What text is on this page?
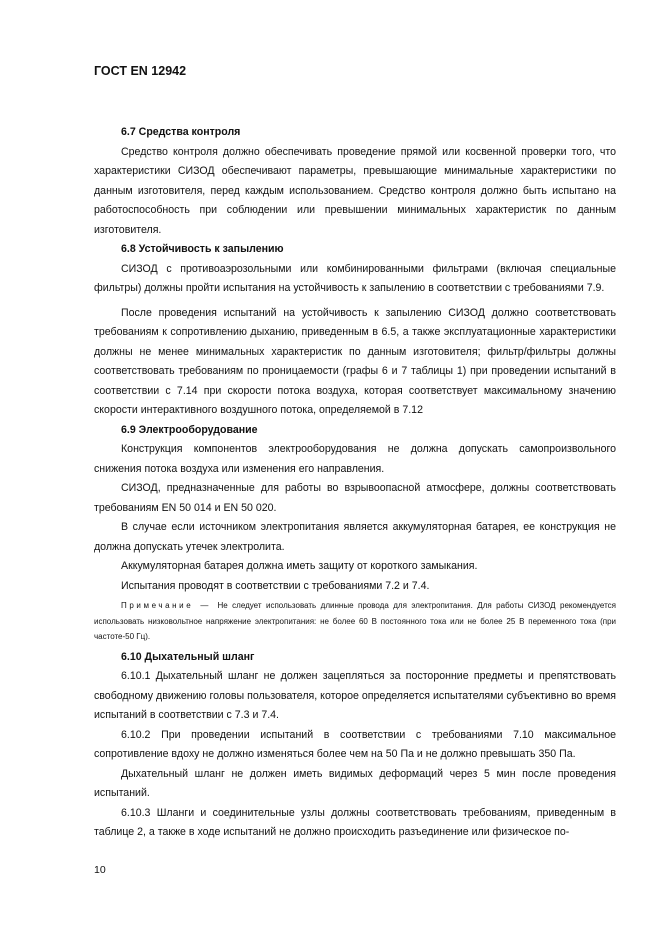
ГОСТ EN 12942
6.7 Средства контроля

Средство контроля должно обеспечивать проведение прямой или косвенной проверки того, что характеристики СИЗОД обеспечивают параметры, превышающие минимальные характеристики по данным изготовителя, перед каждым использованием. Средство контроля должно быть испытано на работоспособность при соблюдении или превышении минимальных характеристик по данным изготовителя.

6.8 Устойчивость к запылению

СИЗОД с противоаэрозольными или комбинированными фильтрами (включая специальные фильтры) должны пройти испытания на устойчивость к запылению в соответствии с требованиями 7.9.

После проведения испытаний на устойчивость к запылению СИЗОД должно соответствовать требованиям к сопротивлению дыханию, приведенным в 6.5, а также эксплуатационные характеристики должны не менее минимальных характеристик по данным изготовителя; фильтр/фильтры должны соответствовать требованиям по проницаемости (графы 6 и 7 таблицы 1) при проведении испытаний в соответствии с 7.14 при скорости потока воздуха, которая соответствует максимальному значению скорости интерактивного воздушного потока, определяемой в 7.12

6.9 Электрооборудование

Конструкция компонентов электрооборудования не должна допускать самопроизвольного снижения потока воздуха или изменения его направления.

СИЗОД, предназначенные для работы во взрывоопасной атмосфере, должны соответствовать требованиям EN 50 014 и EN 50 020.

В случае если источником электропитания является аккумуляторная батарея, ее конструкция не должна допускать утечек электролита.

Аккумуляторная батарея должна иметь защиту от короткого замыкания.

Испытания проводят в соответствии с требованиями 7.2 и 7.4.

Примечание — Не следует использовать длинные провода для электропитания. Для работы СИЗОД рекомендуется использовать низковольтное напряжение электропитания: не более 60 В постоянного тока или не более 25 В переменного тока (при частоте-50 Гц).

6.10 Дыхательный шланг

6.10.1 Дыхательный шланг не должен зацепляться за посторонние предметы и препятствовать свободному движению головы пользователя, которое определяется испытателями субъективно во время испытаний в соответствии с 7.3 и 7.4.

6.10.2 При проведении испытаний в соответствии с требованиями 7.10 максимальное сопротивление вдоху не должно изменяться более чем на 50 Па и не должно превышать 350 Па.

Дыхательный шланг не должен иметь видимых деформаций через 5 мин после проведения испытаний.

6.10.3 Шланги и соединительные узлы должны соответствовать требованиям, приведенным в таблице 2, а также в ходе испытаний не должно происходить разъединение или физическое по-

10
